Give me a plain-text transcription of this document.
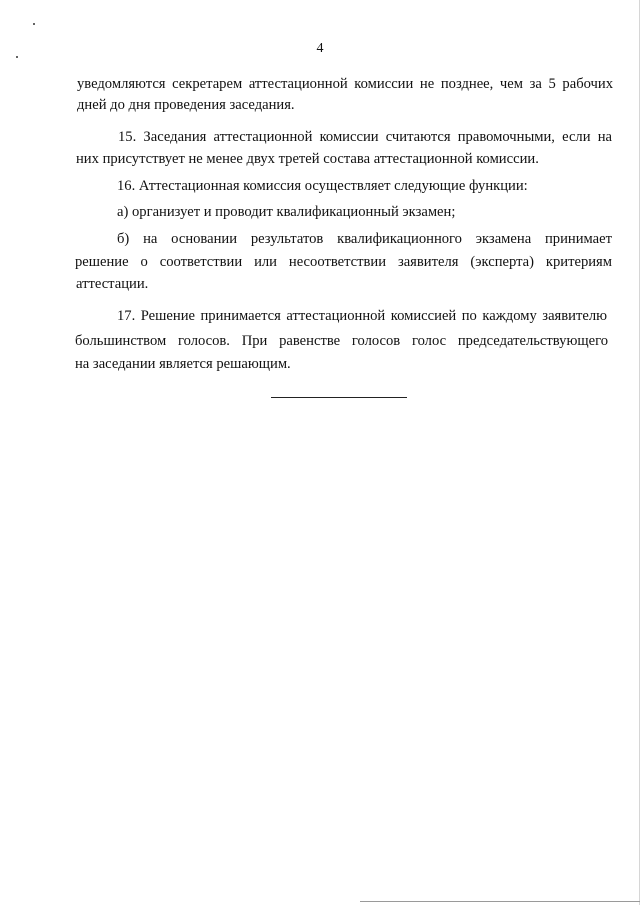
4
уведомляются секретарем аттестационной комиссии не позднее, чем за 5 рабочих
дней до дня проведения заседания.
15. Заседания аттестационной комиссии считаются правомочными, если на
них присутствует не менее двух третей состава аттестационной комиссии.
16. Аттестационная комиссия осуществляет следующие функции:
а) организует и проводит квалификационный экзамен;
б) на основании результатов квалификационного экзамена принимает
решение о соответствии или несоответствии заявителя (эксперта) критериям
аттестации.
17. Решение принимается аттестационной комиссией по каждому заявителю
большинством голосов. При равенстве голосов голос председательствующего
на заседании является решающим.
